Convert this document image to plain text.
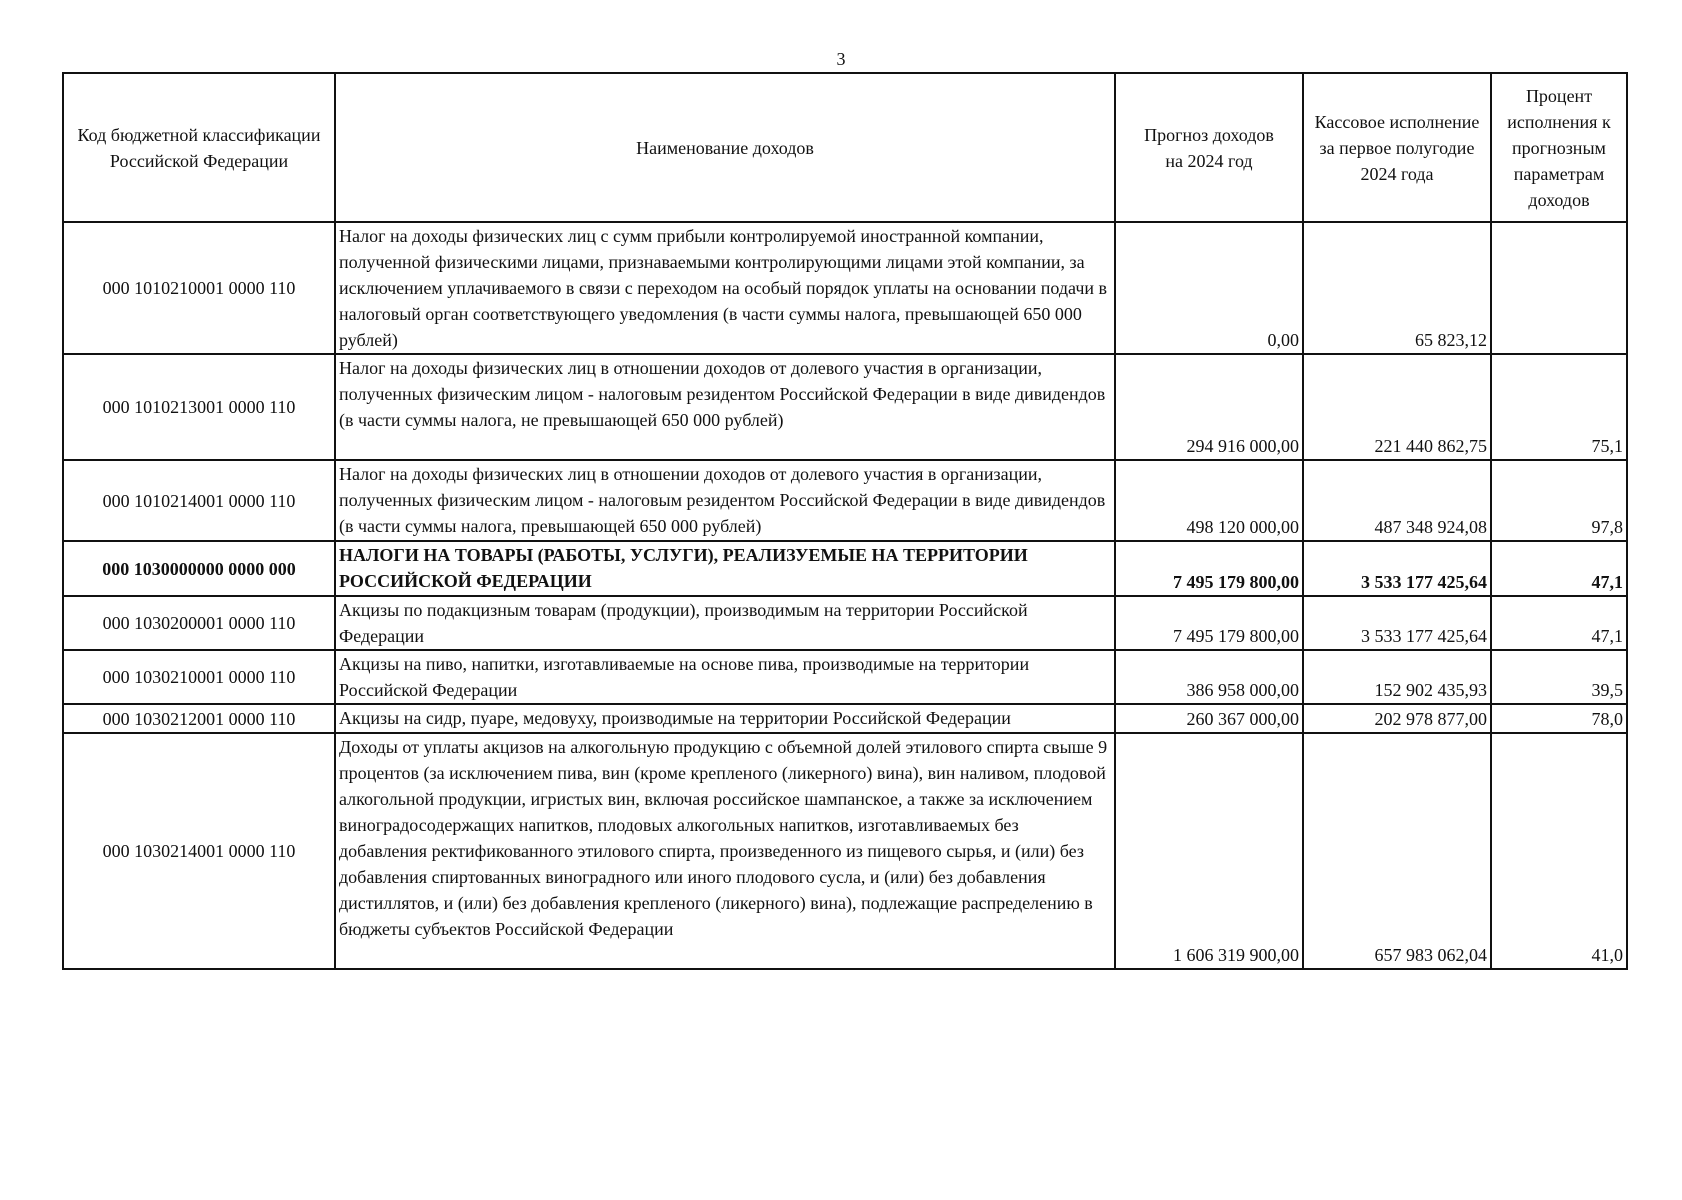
3
Код бюджетной классификации Российской Федерации	Наименование доходов	Прогноз доходов на 2024 год	Кассовое исполнение за первое полугодие 2024 года	Процент исполнения к прогнозным параметрам доходов
000 1010210001 0000 110	Налог на доходы физических лиц с сумм прибыли контролируемой иностранной компании, полученной физическими лицами, признаваемыми контролирующими лицами этой компании, за исключением уплачиваемого в связи с переходом на особый порядок уплаты на основании подачи в налоговый орган соответствующего уведомления (в части суммы налога, превышающей 650 000 рублей)	0,00	65 823,12	
000 1010213001 0000 110	Налог на доходы физических лиц в отношении доходов от долевого участия в организации, полученных физическим лицом - налоговым резидентом Российской Федерации в виде дивидендов (в части суммы налога, не превышающей 650 000 рублей)	294 916 000,00	221 440 862,75	75,1
000 1010214001 0000 110	Налог на доходы физических лиц в отношении доходов от долевого участия в организации, полученных физическим лицом - налоговым резидентом Российской Федерации в виде дивидендов (в части суммы налога, превышающей 650 000 рублей)	498 120 000,00	487 348 924,08	97,8
000 1030000000 0000 000	НАЛОГИ НА ТОВАРЫ (РАБОТЫ, УСЛУГИ), РЕАЛИЗУЕМЫЕ НА ТЕРРИТОРИИ РОССИЙСКОЙ ФЕДЕРАЦИИ	7 495 179 800,00	3 533 177 425,64	47,1
000 1030200001 0000 110	Акцизы по подакцизным товарам (продукции), производимым на территории Российской Федерации	7 495 179 800,00	3 533 177 425,64	47,1
000 1030210001 0000 110	Акцизы на пиво, напитки, изготавливаемые на основе пива, производимые на территории Российской Федерации	386 958 000,00	152 902 435,93	39,5
000 1030212001 0000 110	Акцизы на сидр, пуаре, медовуху, производимые на территории Российской Федерации	260 367 000,00	202 978 877,00	78,0
000 1030214001 0000 110	Доходы от уплаты акцизов на алкогольную продукцию с объемной долей этилового спирта свыше 9 процентов (за исключением пива, вин (кроме крепленого (ликерного) вина), вин наливом, плодовой алкогольной продукции, игристых вин, включая российское шампанское, а также за исключением виноградосодержащих напитков, плодовых алкогольных напитков, изготавливаемых без добавления ректификованного этилового спирта, произведенного из пищевого сырья, и (или) без добавления спиртованных виноградного или иного плодового сусла, и (или) без добавления дистиллятов, и (или) без добавления крепленого (ликерного) вина), подлежащие распределению в бюджеты субъектов Российской Федерации	1 606 319 900,00	657 983 062,04	41,0
